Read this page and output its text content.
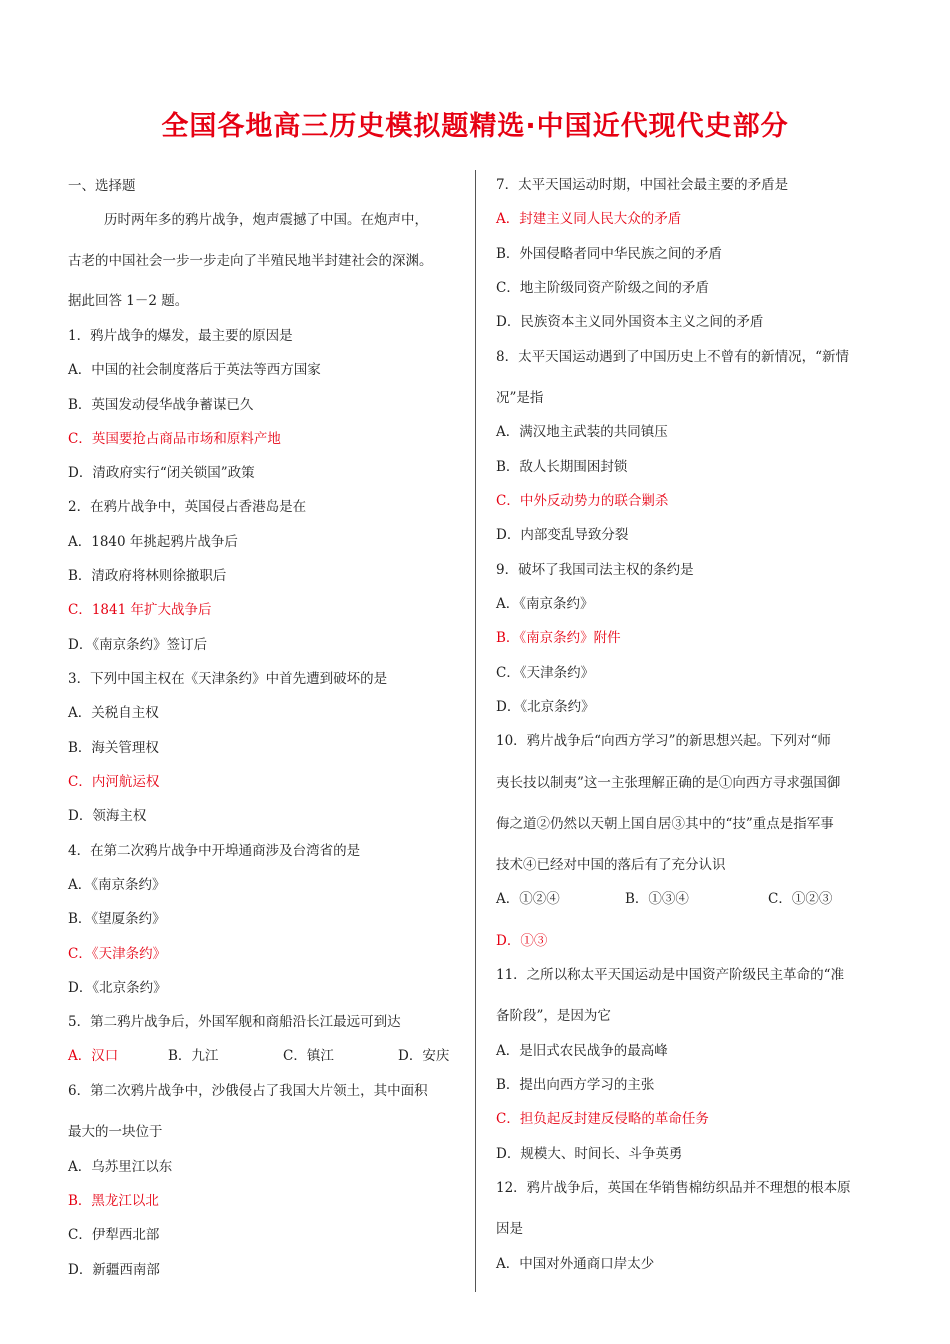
全国各地高三历史模拟题精选·中国近代现代史部分
一、选择题
历时两年多的鸦片战争，炮声震撼了中国。在炮声中，
古老的中国社会一步一步走向了半殖民地半封建社会的深渊。
据此回答 1－2 题。
1．鸦片战争的爆发，最主要的原因是
A．中国的社会制度落后于英法等西方国家
B．英国发动侵华战争蓄谋已久
C．英国要抢占商品市场和原料产地
D．清政府实行“闭关锁国”政策
2．在鸦片战争中，英国侵占香港岛是在
A．1840 年挑起鸦片战争后
B．清政府将林则徐撤职后
C．1841 年扩大战争后
D．《南京条约》签订后
3．下列中国主权在《天津条约》中首先遭到破坏的是
A．关税自主权
B．海关管理权
C．内河航运权
D．领海主权
4．在第二次鸦片战争中开埠通商涉及台湾省的是
A．《南京条约》
B．《望厦条约》
C．《天津条约》
D．《北京条约》
5．第二鸦片战争后，外国军舰和商船沿长江最远可到达
A．汉口	B．九江	C．镇江	D．安庆
6．第二次鸦片战争中，沙俄侵占了我国大片领土，其中面积
最大的一块位于
A．乌苏里江以东
B．黑龙江以北
C．伊犁西北部
D．新疆西南部
7．太平天国运动时期，中国社会最主要的矛盾是
A．封建主义同人民大众的矛盾
B．外国侵略者同中华民族之间的矛盾
C．地主阶级同资产阶级之间的矛盾
D．民族资本主义同外国资本主义之间的矛盾
8．太平天国运动遇到了中国历史上不曾有的新情况，“新情
况”是指
A．满汉地主武装的共同镇压
B．敌人长期围困封锁
C．中外反动势力的联合剿杀
D．内部变乱导致分裂
9．破坏了我国司法主权的条约是
A．《南京条约》
B．《南京条约》附件
C．《天津条约》
D．《北京条约》
10．鸦片战争后“向西方学习”的新思想兴起。下列对“师
夷长技以制夷”这一主张理解正确的是①向西方寻求强国御
侮之道②仍然以天朝上国自居③其中的“技”重点是指军事
技术④已经对中国的落后有了充分认识
A．①②④	B．①③④	C．①②③
D．①③
11．之所以称太平天国运动是中国资产阶级民主革命的“准
备阶段”，是因为它
A．是旧式农民战争的最高峰
B．提出向西方学习的主张
C．担负起反封建反侵略的革命任务
D．规模大、时间长、斗争英勇
12．鸦片战争后，英国在华销售棉纺织品并不理想的根本原
因是
A．中国对外通商口岸太少
